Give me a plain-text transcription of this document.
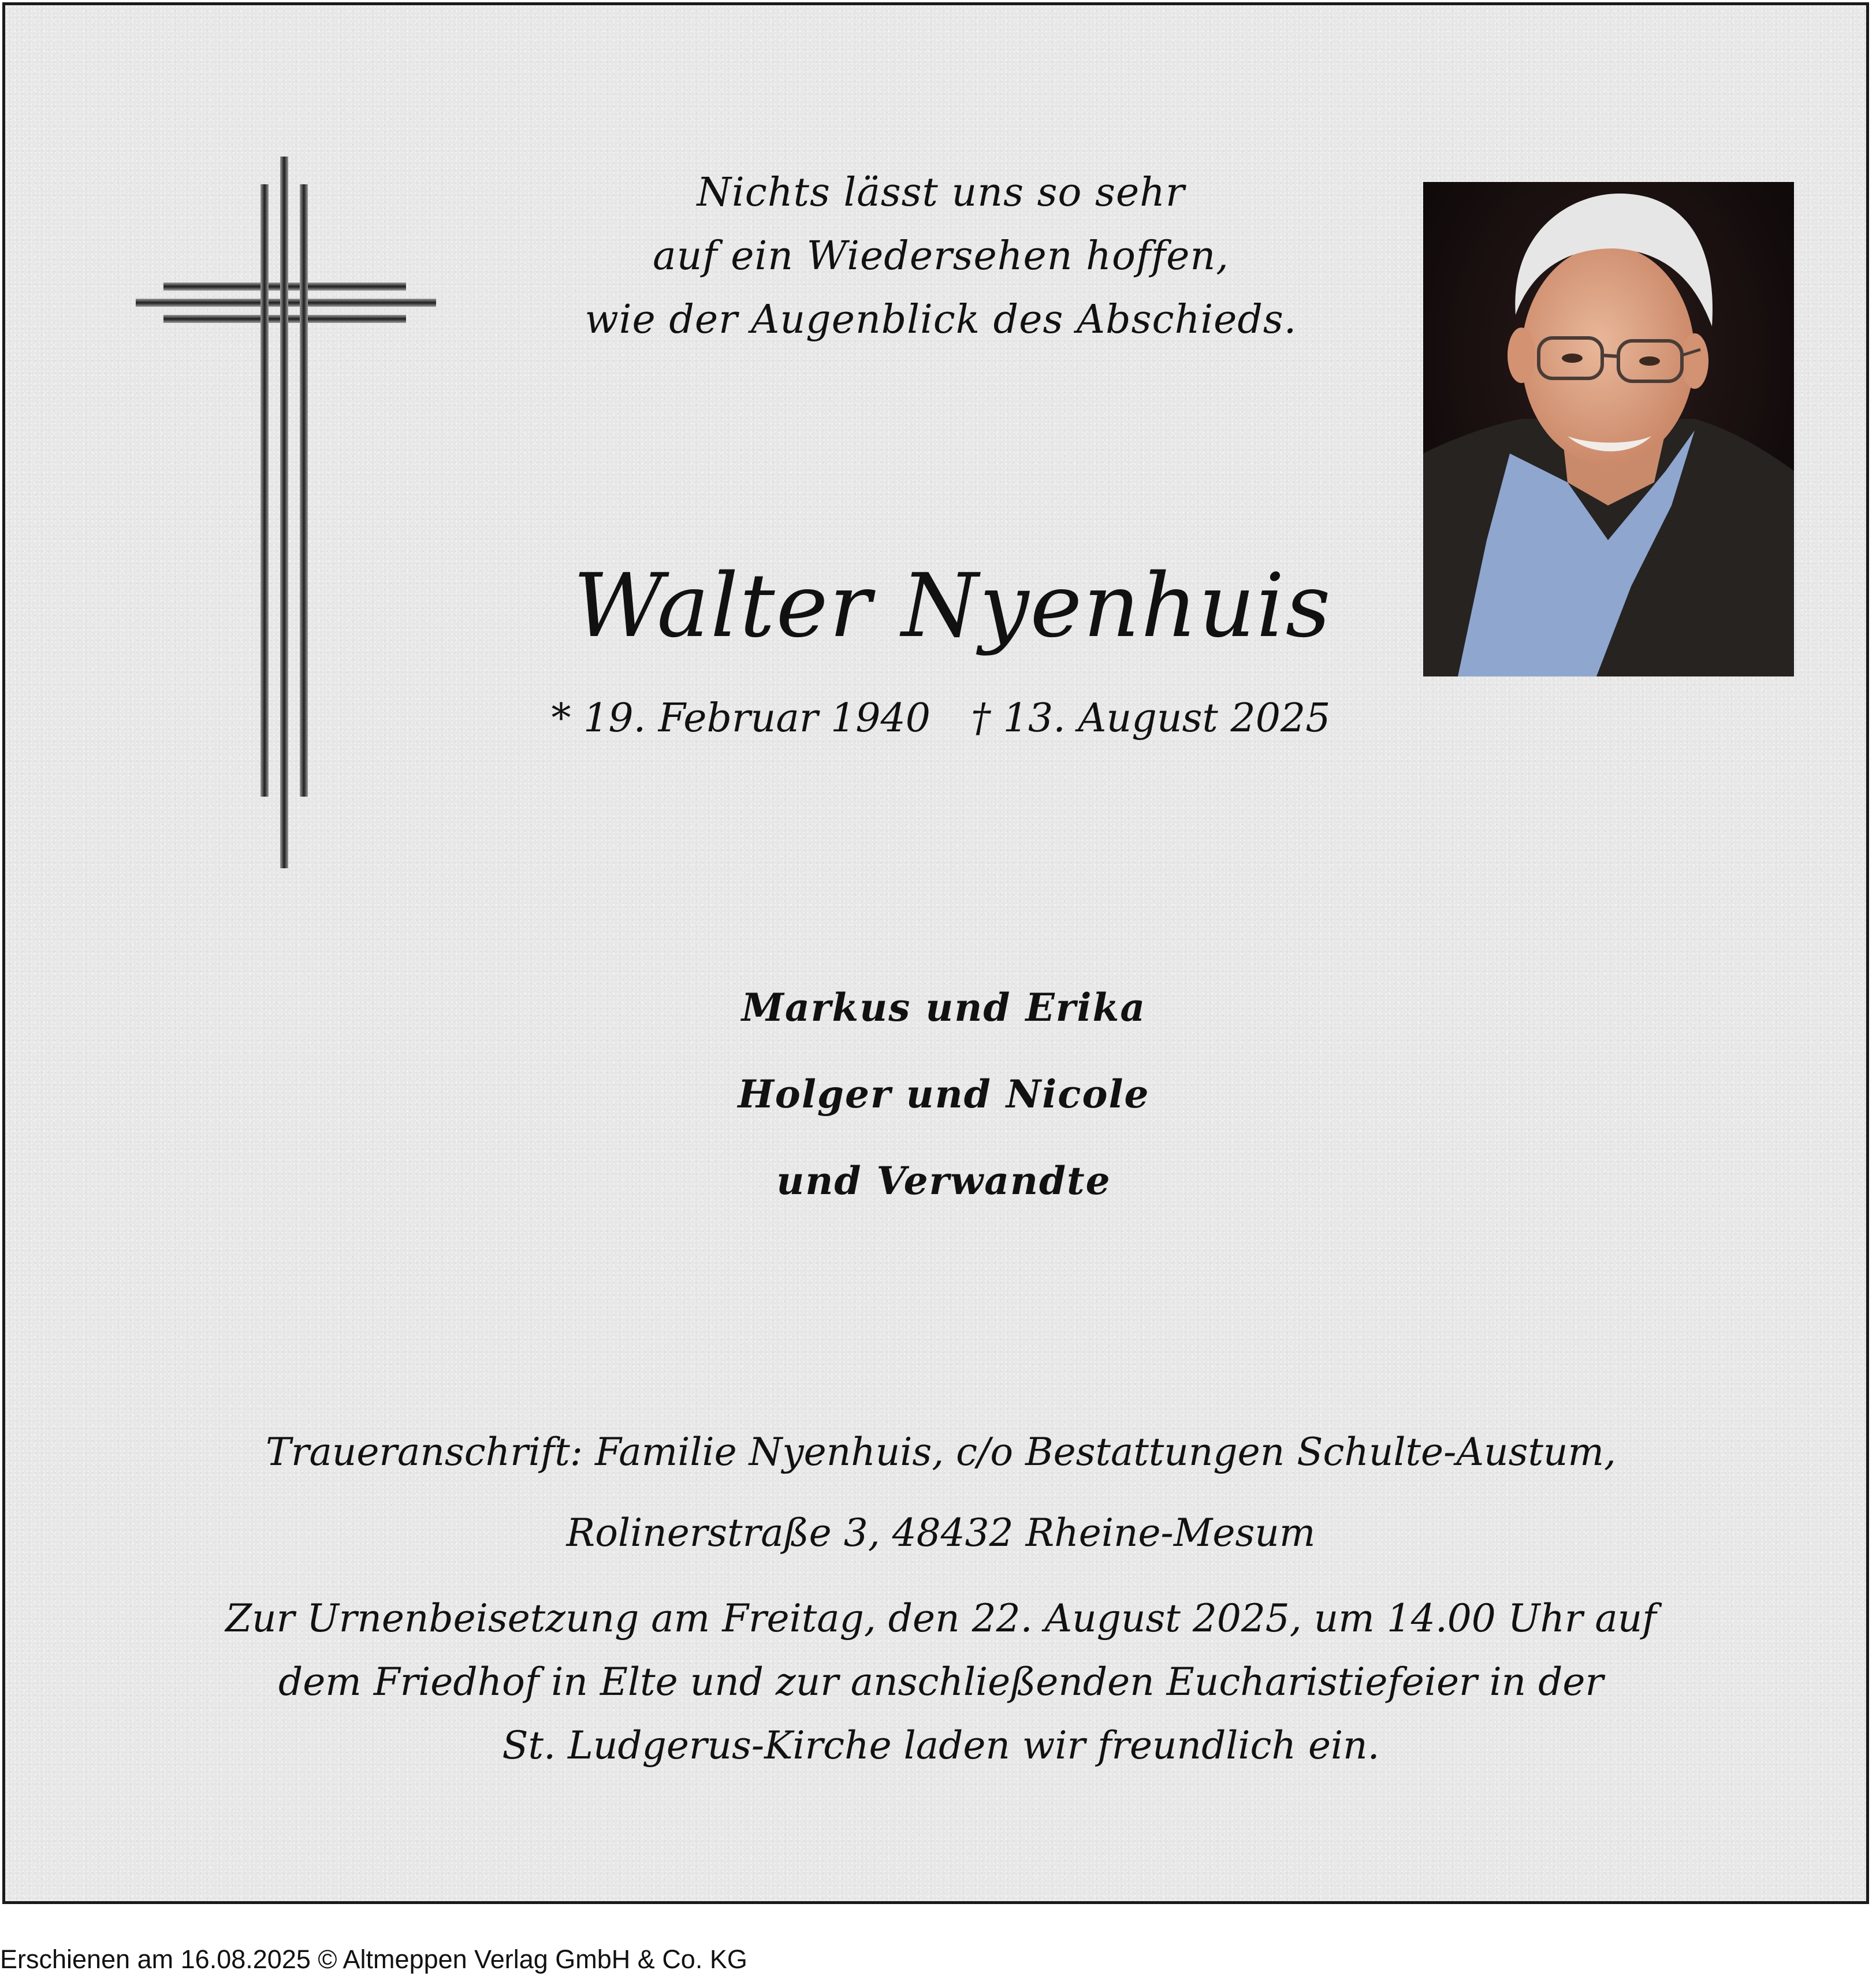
Nichts lässt uns so sehr
auf ein Wiedersehen hoffen,
wie der Augenblick des Abschieds.
Walter Nyenhuis
* 19. Februar 1940 † 13. August 2025
Markus und Erika
Holger und Nicole
und Verwandte
Traueranschrift: Familie Nyenhuis, c/o Bestattungen Schulte-Austum,
Rolinerstraße 3, 48432 Rheine-Mesum
Zur Urnenbeisetzung am Freitag, den 22. August 2025, um 14.00 Uhr auf
dem Friedhof in Elte und zur anschließenden Eucharistiefeier in der
St. Ludgerus-Kirche laden wir freundlich ein.
Erschienen am 16.08.2025 © Altmeppen Verlag GmbH & Co. KG
